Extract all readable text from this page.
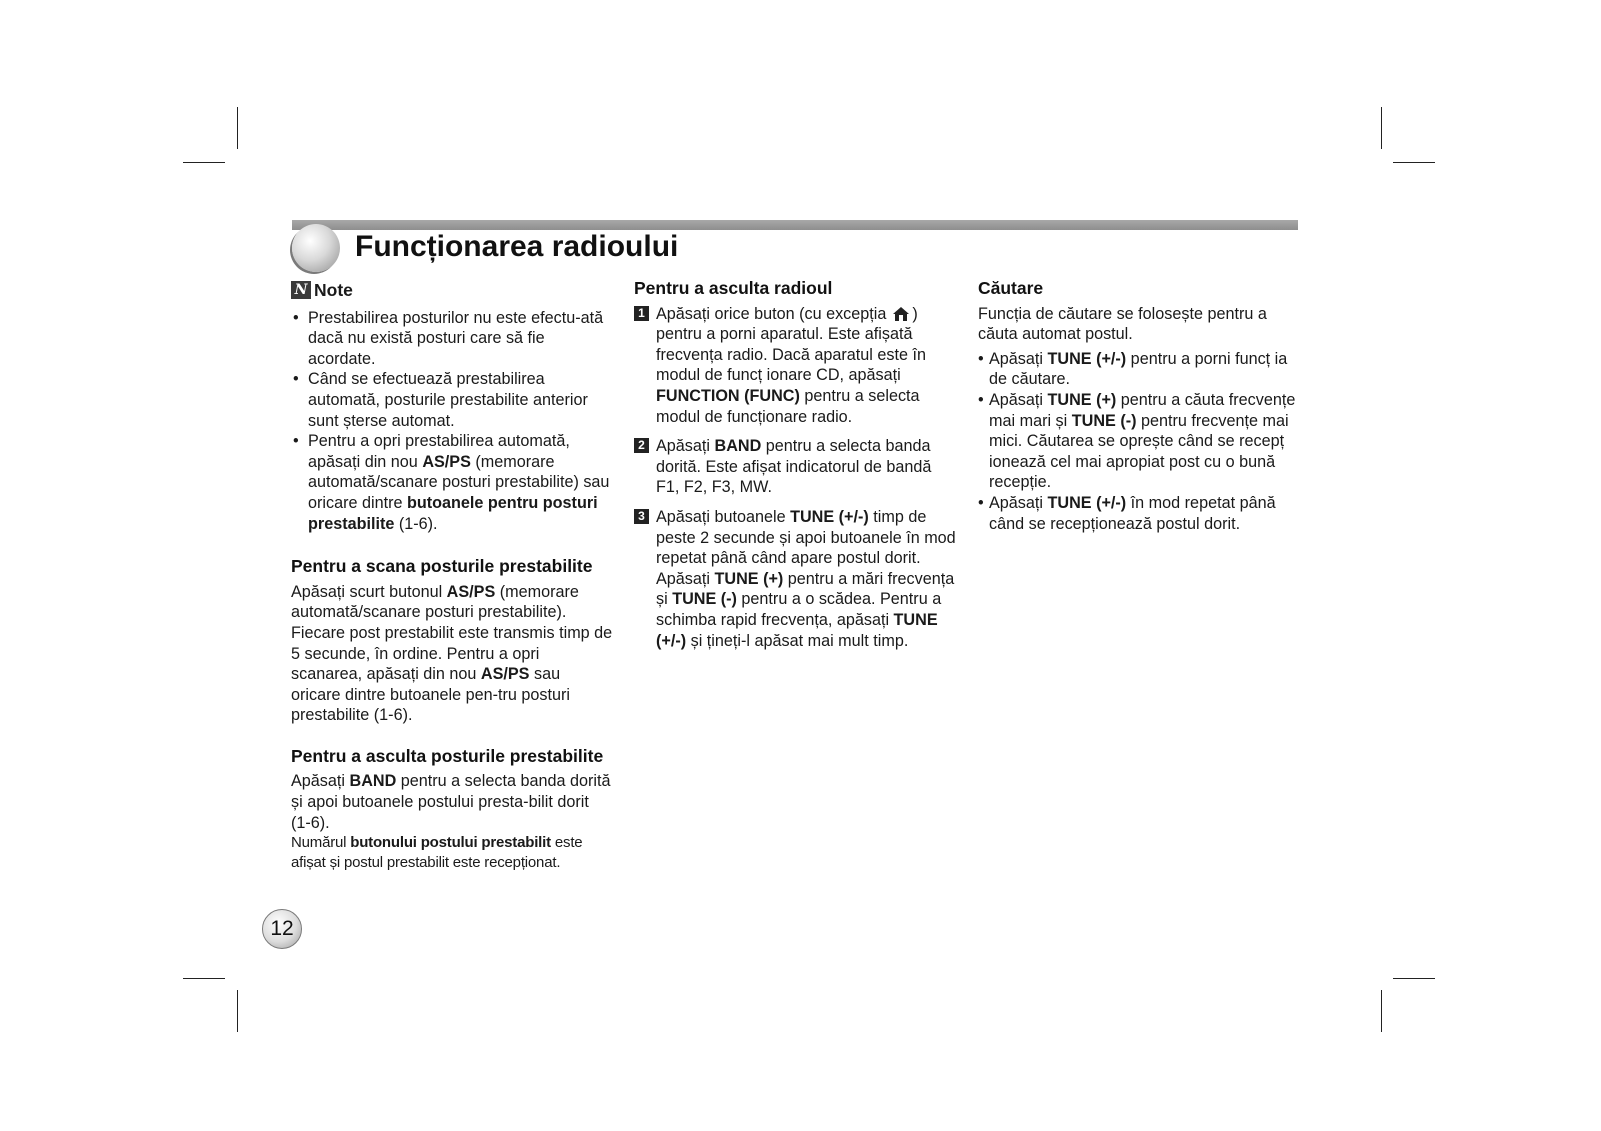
Funcționarea radioului
N Note
• Prestabilirea posturilor nu este efectu-ată dacă nu există posturi care să fie acordate.
• Când se efectuează prestabilirea automată, posturile prestabilite anterior sunt șterse automat.
• Pentru a opri prestabilirea automată, apăsați din nou AS/PS (memorare automată/scanare posturi prestabilite) sau oricare dintre butoanele pentru posturi prestabilite (1-6).
Pentru a scana posturile prestabilite

Apăsați scurt butonul AS/PS (memorare automată/scanare posturi prestabilite). Fiecare post prestabilit este transmis timp de 5 secunde, în ordine. Pentru a opri scanarea, apăsați din nou AS/PS sau oricare dintre butoanele pen-tru posturi prestabilite (1-6).

Pentru a asculta posturile prestabilite

Apăsați BAND pentru a selecta banda dorită și apoi butoanele postului presta-bilit dorit (1-6).

Numărul butonului postului prestabilit este afișat și postul prestabilit este recepționat.

Pentru a asculta radioul
1 Apăsați orice buton (cu excepția ) pentru a porni aparatul. Este afișată frecvența radio. Dacă aparatul este în modul de funcț ionare CD, apăsați FUNCTION (FUNC) pentru a selecta modul de funcționare radio.
2 Apăsați BAND pentru a selecta banda dorită. Este afișat indicatorul de bandă F1, F2, F3, MW.
3 Apăsați butoanele TUNE (+/-) timp de peste 2 secunde și apoi butoanele în mod repetat până când apare postul dorit. Apăsați TUNE (+) pentru a mări frecvența și TUNE (-) pentru a o scădea. Pentru a schimba rapid frecvența, apăsați TUNE (+/-) și țineți-l apăsat mai mult timp.
Căutare

Funcția de căutare se folosește pentru a căuta automat postul.

• Apăsați TUNE (+/-) pentru a porni funcț ia de căutare.
• Apăsați TUNE (+) pentru a căuta frecvențe mai mari și TUNE (-) pentru frecvențe mai mici. Căutarea se oprește când se recepț ionează cel mai apropiat post cu o bună recepție.
• Apăsați TUNE (+/-) în mod repetat până când se recepționează postul dorit.
12
